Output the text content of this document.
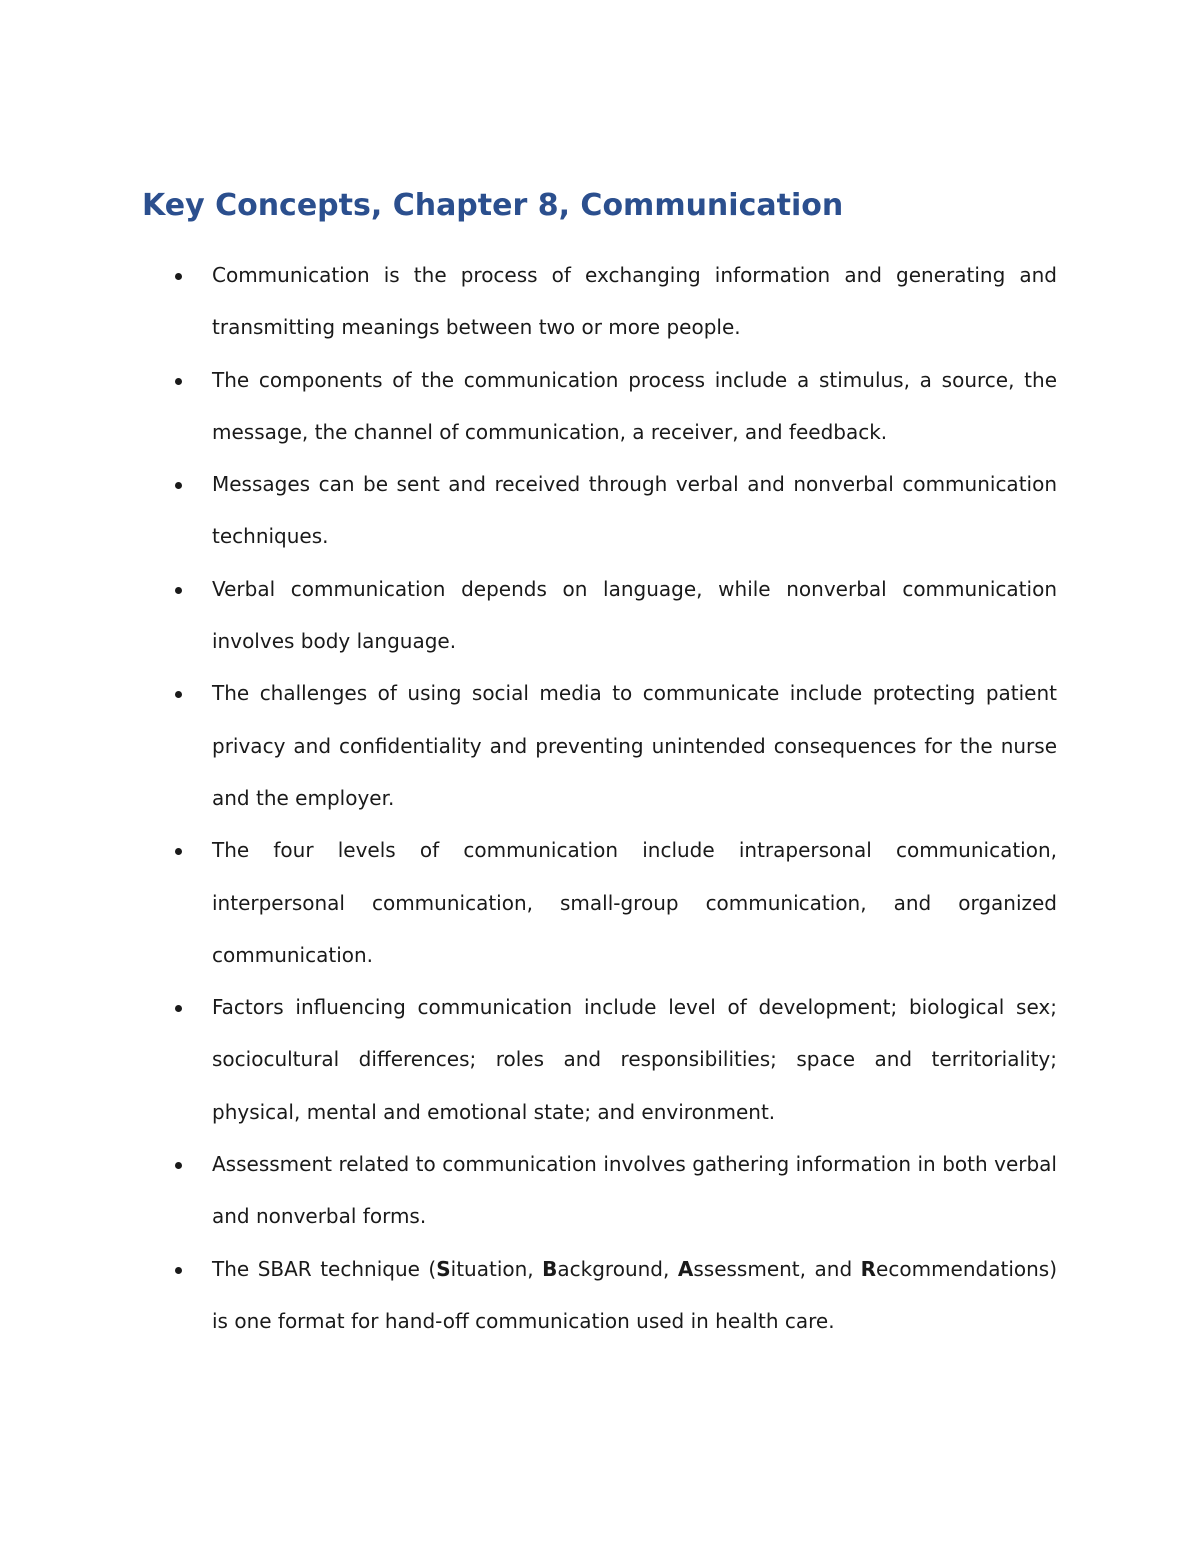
Key Concepts, Chapter 8, Communication
Communication is the process of exchanging information and generating and transmitting meanings between two or more people.
The components of the communication process include a stimulus, a source, the message, the channel of communication, a receiver, and feedback.
Messages can be sent and received through verbal and nonverbal communication techniques.
Verbal communication depends on language, while nonverbal communication involves body language.
The challenges of using social media to communicate include protecting patient privacy and confidentiality and preventing unintended consequences for the nurse and the employer.
The four levels of communication include intrapersonal communication, interpersonal communication, small-group communication, and organized communication.
Factors influencing communication include level of development; biological sex; sociocultural differences; roles and responsibilities; space and territoriality; physical, mental and emotional state; and environment.
Assessment related to communication involves gathering information in both verbal and nonverbal forms.
The SBAR technique (Situation, Background, Assessment, and Recommendations) is one format for hand-off communication used in health care.
